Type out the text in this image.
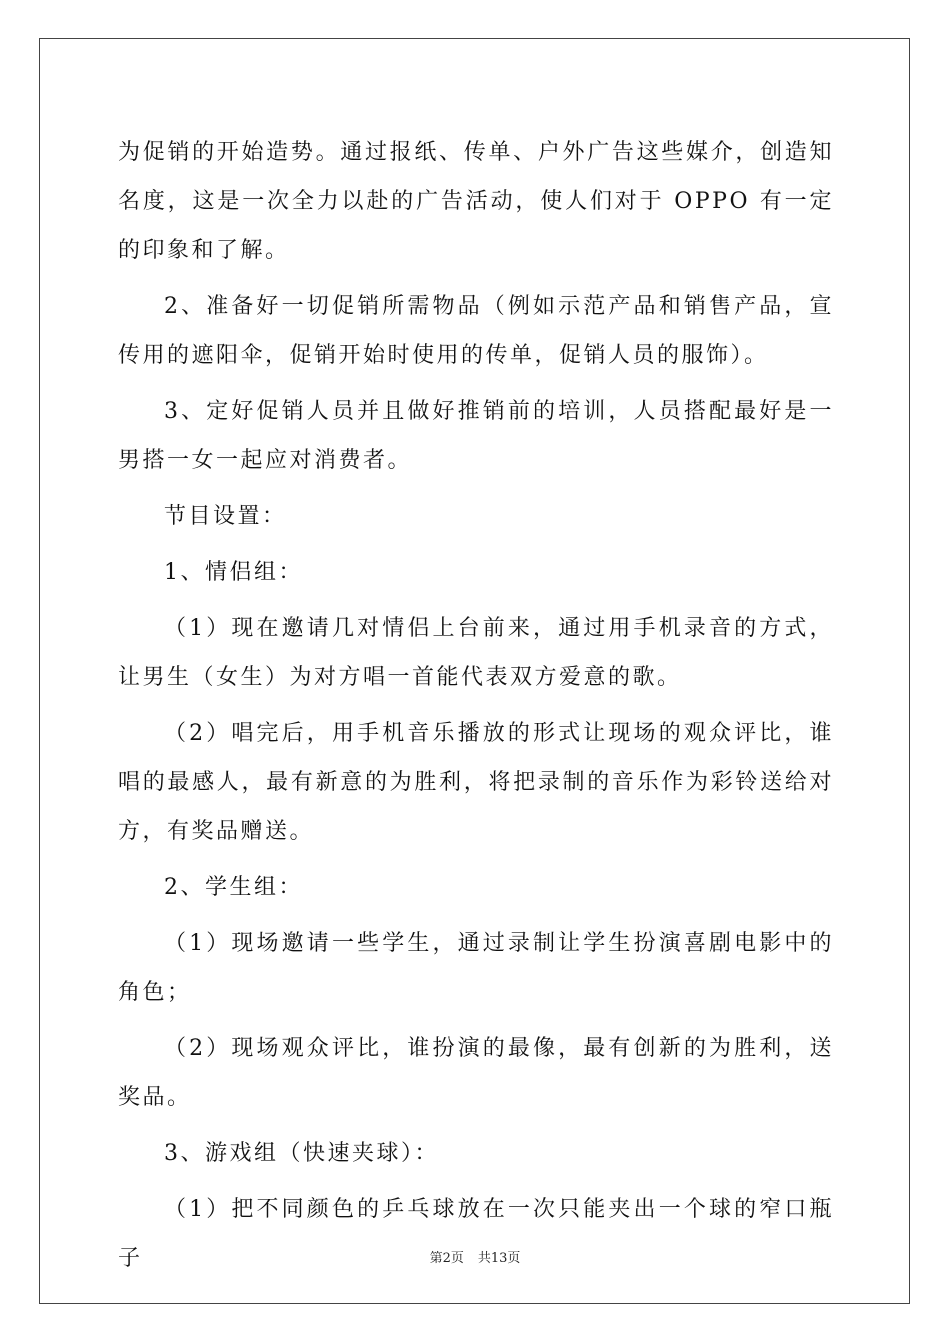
为促销的开始造势。通过报纸、传单、户外广告这些媒介，创造知名度，这是一次全力以赴的广告活动，使人们对于 OPPO 有一定的印象和了解。

2、准备好一切促销所需物品（例如示范产品和销售产品，宣传用的遮阳伞，促销开始时使用的传单，促销人员的服饰）。

3、定好促销人员并且做好推销前的培训，人员搭配最好是一男搭一女一起应对消费者。

节目设置：

1、情侣组：

（1）现在邀请几对情侣上台前来，通过用手机录音的方式，让男生（女生）为对方唱一首能代表双方爱意的歌。

（2）唱完后，用手机音乐播放的形式让现场的观众评比，谁唱的最感人，最有新意的为胜利，将把录制的音乐作为彩铃送给对方，有奖品赠送。

2、学生组：

（1）现场邀请一些学生，通过录制让学生扮演喜剧电影中的角色；

（2）现场观众评比，谁扮演的最像，最有创新的为胜利，送奖品。

3、游戏组（快速夹球）：

（1）把不同颜色的乒乓球放在一次只能夹出一个球的窄口瓶子	第2页 共13页
